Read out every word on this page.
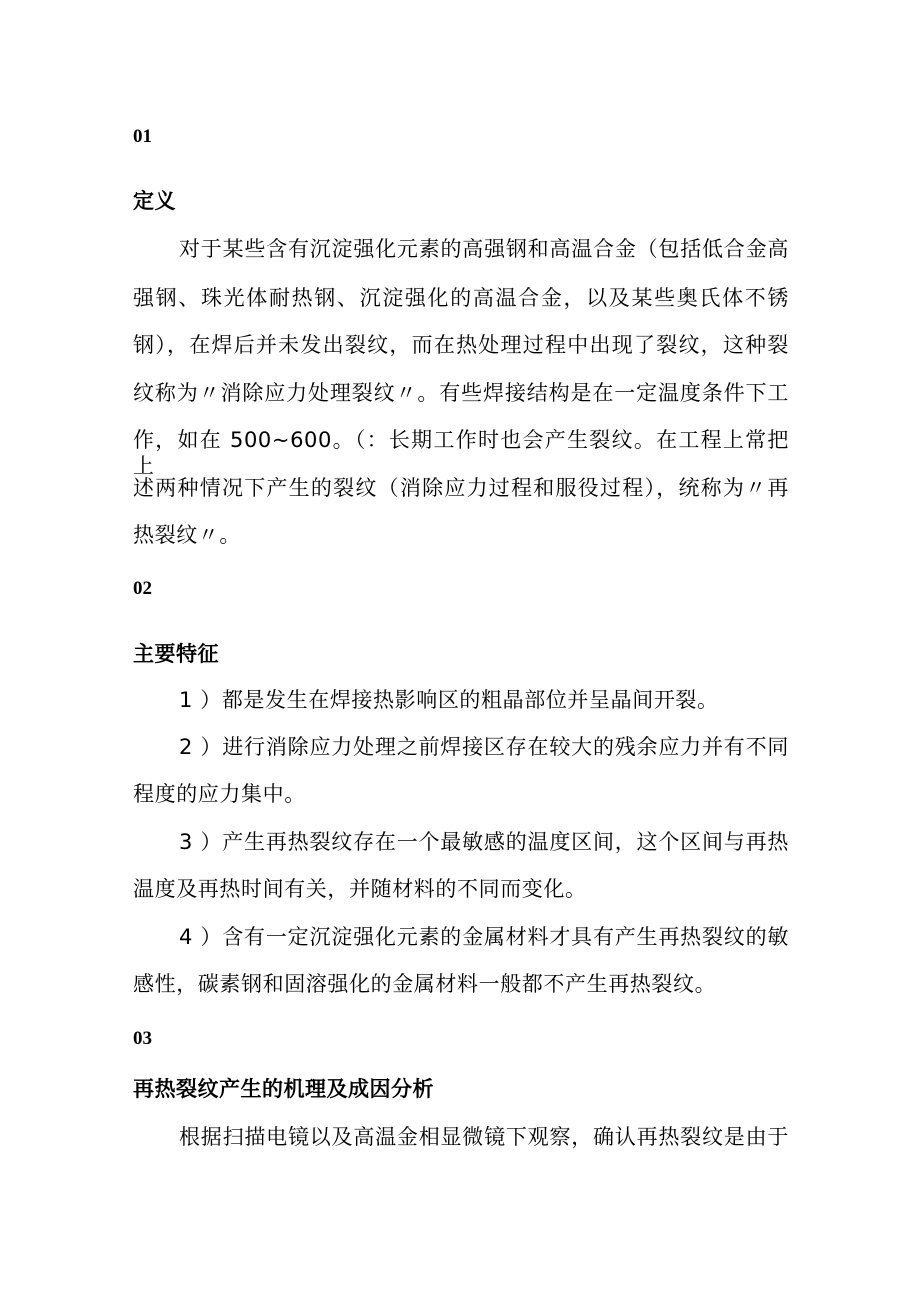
01
定义
对于某些含有沉淀强化元素的高强钢和高温合金（包括低合金高
强钢、珠光体耐热钢、沉淀强化的高温合金，以及某些奥氏体不锈
钢），在焊后并未发出裂纹，而在热处理过程中出现了裂纹，这种裂
纹称为〃消除应力处理裂纹〃。有些焊接结构是在一定温度条件下工
作，如在 500~600。（：长期工作时也会产生裂纹。在工程上常把上
述两种情况下产生的裂纹（消除应力过程和服役过程），统称为〃再
热裂纹〃。
02
主要特征
1 ）都是发生在焊接热影响区的粗晶部位并呈晶间开裂。
2 ）进行消除应力处理之前焊接区存在较大的残余应力并有不同
程度的应力集中。
3 ）产生再热裂纹存在一个最敏感的温度区间，这个区间与再热
温度及再热时间有关，并随材料的不同而变化。
4 ）含有一定沉淀强化元素的金属材料才具有产生再热裂纹的敏
感性，碳素钢和固溶强化的金属材料一般都不产生再热裂纹。
03
再热裂纹产生的机理及成因分析
根据扫描电镜以及高温金相显微镜下观察，确认再热裂纹是由于
